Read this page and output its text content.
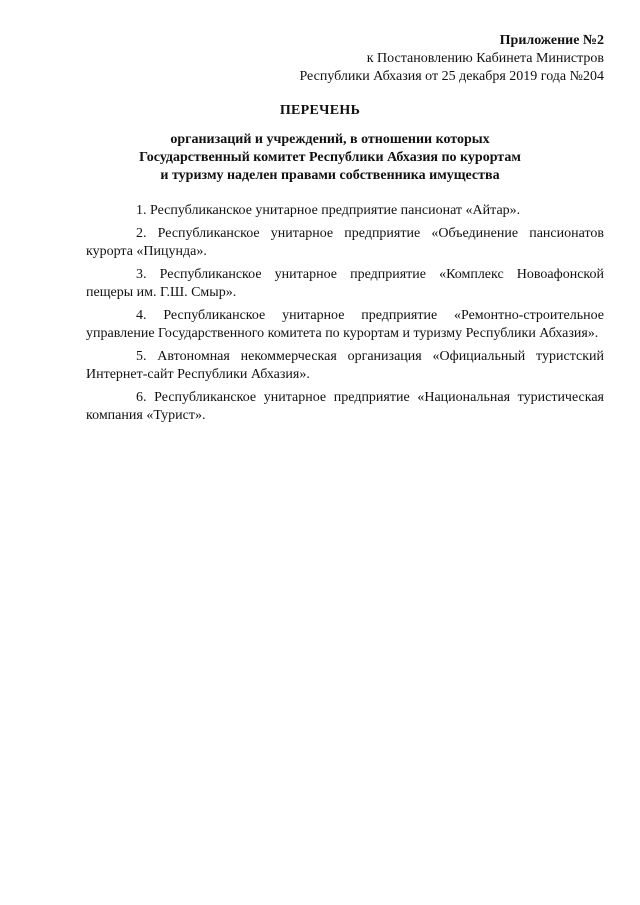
Приложение №2
к Постановлению Кабинета Министров
Республики Абхазия от 25 декабря 2019 года №204
ПЕРЕЧЕНЬ
организаций и учреждений, в отношении которых
Государственный комитет Республики Абхазия по курортам
и туризму наделен правами собственника имущества

1. Республиканское унитарное предприятие пансионат «Айтар».

2. Республиканское унитарное предприятие «Объединение пансионатов курорта «Пицунда».

3. Республиканское унитарное предприятие «Комплекс Новоафонской пещеры им. Г.Ш. Смыр».

4. Республиканское унитарное предприятие «Ремонтно-строительное управление Государственного комитета по курортам и туризму Республики Абхазия».

5. Автономная некоммерческая организация «Официальный туристский Интернет-сайт Республики Абхазия».

6. Республиканское унитарное предприятие «Национальная туристическая компания «Турист».
